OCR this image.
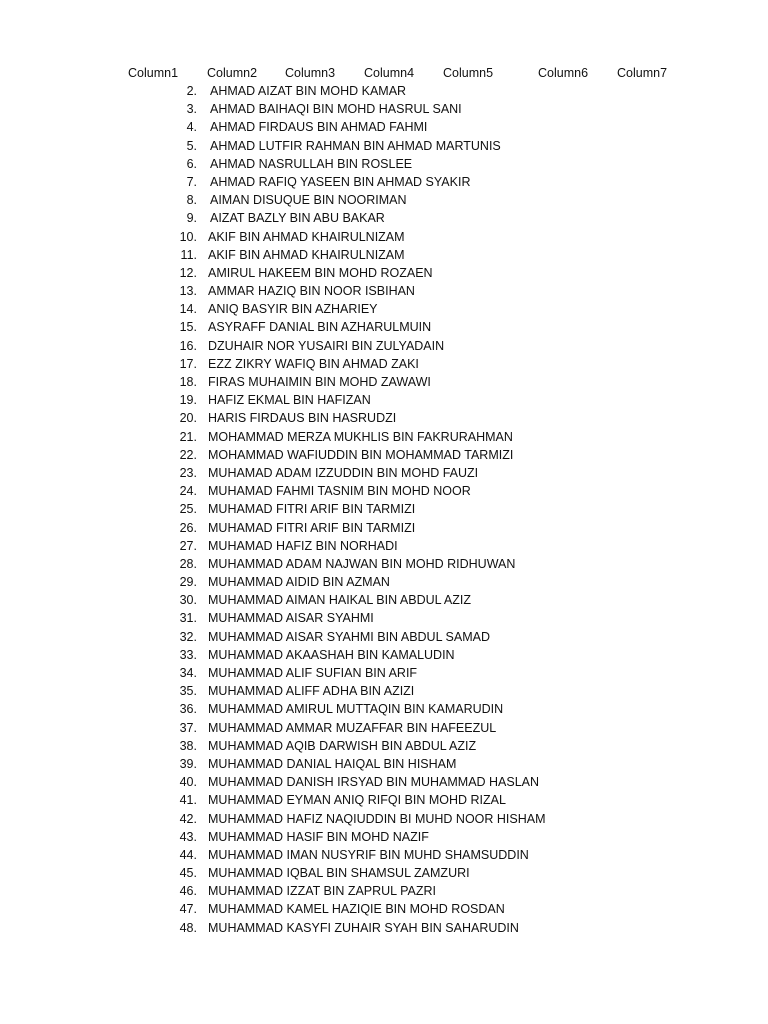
Column1 Column2 Column3 Column4 Column5	Column6 Column7
2. AHMAD AIZAT BIN MOHD KAMAR
3. AHMAD BAIHAQI BIN MOHD HASRUL SANI
4. AHMAD FIRDAUS BIN AHMAD FAHMI
5. AHMAD LUTFIR RAHMAN BIN AHMAD MARTUNIS
6. AHMAD NASRULLAH BIN ROSLEE
7. AHMAD RAFIQ YASEEN BIN AHMAD SYAKIR
8. AIMAN DISUQUE BIN NOORIMAN
9. AIZAT BAZLY BIN ABU BAKAR
10. AKIF BIN AHMAD KHAIRULNIZAM
11. AKIF BIN AHMAD KHAIRULNIZAM
12. AMIRUL HAKEEM BIN MOHD ROZAEN
13. AMMAR HAZIQ BIN NOOR ISBIHAN
14. ANIQ BASYIR BIN AZHARIEY
15. ASYRAFF DANIAL BIN AZHARULMUIN
16. DZUHAIR NOR YUSAIRI BIN ZULYADAIN
17. EZZ ZIKRY WAFIQ BIN AHMAD ZAKI
18. FIRAS MUHAIMIN BIN MOHD ZAWAWI
19. HAFIZ EKMAL BIN HAFIZAN
20. HARIS FIRDAUS BIN HASRUDZI
21. MOHAMMAD MERZA MUKHLIS BIN FAKRURAHMAN
22. MOHAMMAD WAFIUDDIN BIN MOHAMMAD TARMIZI
23. MUHAMAD ADAM IZZUDDIN BIN MOHD FAUZI
24. MUHAMAD FAHMI TASNIM BIN MOHD NOOR
25. MUHAMAD FITRI ARIF BIN TARMIZI
26. MUHAMAD FITRI ARIF BIN TARMIZI
27. MUHAMAD HAFIZ BIN NORHADI
28. MUHAMMAD ADAM NAJWAN BIN MOHD RIDHUWAN
29. MUHAMMAD AIDID BIN AZMAN
30. MUHAMMAD AIMAN HAIKAL BIN ABDUL AZIZ
31. MUHAMMAD AISAR SYAHMI
32. MUHAMMAD AISAR SYAHMI BIN ABDUL SAMAD
33. MUHAMMAD AKAASHAH BIN KAMALUDIN
34. MUHAMMAD ALIF SUFIAN BIN ARIF
35. MUHAMMAD ALIFF ADHA BIN AZIZI
36. MUHAMMAD AMIRUL MUTTAQIN BIN KAMARUDIN
37. MUHAMMAD AMMAR MUZAFFAR BIN HAFEEZUL
38. MUHAMMAD AQIB DARWISH BIN ABDUL AZIZ
39. MUHAMMAD DANIAL HAIQAL BIN HISHAM
40. MUHAMMAD DANISH IRSYAD BIN MUHAMMAD HASLAN
41. MUHAMMAD EYMAN ANIQ RIFQI BIN MOHD RIZAL
42. MUHAMMAD HAFIZ NAQIUDDIN BI MUHD NOOR HISHAM
43. MUHAMMAD HASIF BIN MOHD NAZIF
44. MUHAMMAD IMAN NUSYRIF BIN MUHD SHAMSUDDIN
45. MUHAMMAD IQBAL BIN SHAMSUL ZAMZURI
46. MUHAMMAD IZZAT BIN ZAPRUL PAZRI
47. MUHAMMAD KAMEL HAZIQIE BIN MOHD ROSDAN
48. MUHAMMAD KASYFI ZUHAIR SYAH BIN SAHARUDIN
